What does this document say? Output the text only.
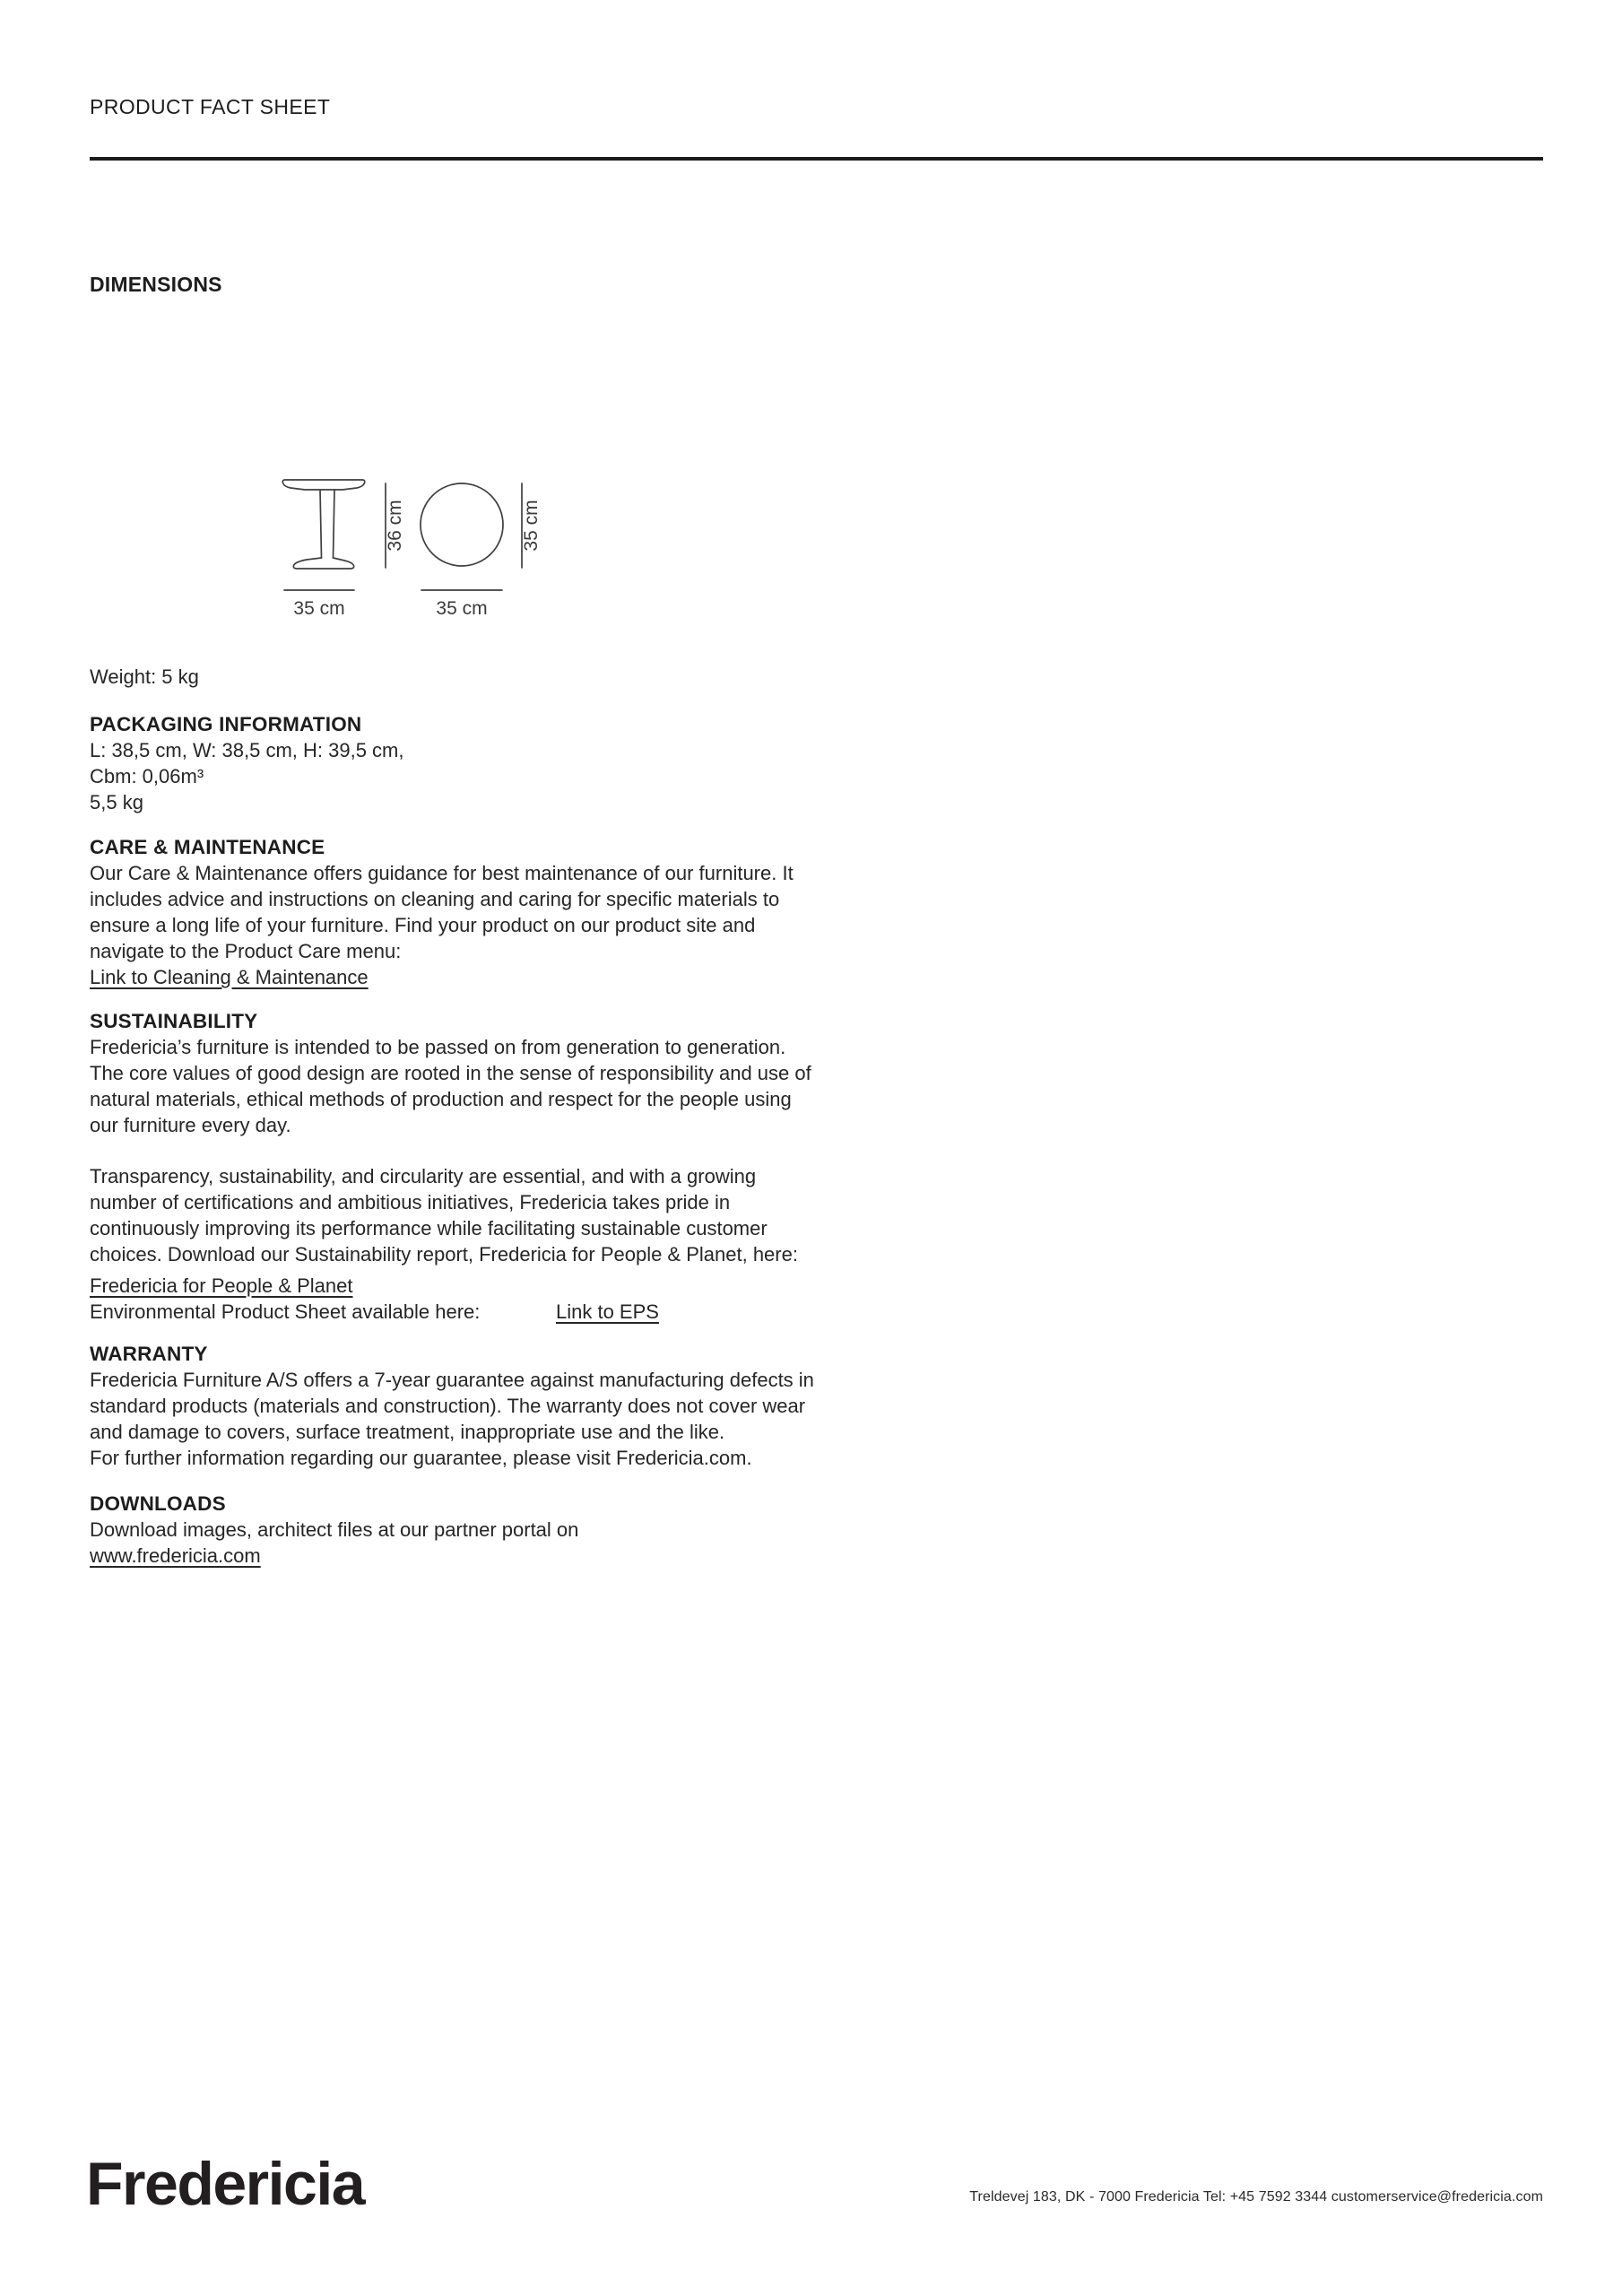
PRODUCT FACT SHEET
DIMENSIONS
36 cm	35 cm
35 cm	35 cm

Weight: 5 kg

PACKAGING INFORMATION

L: 38,5 cm, W: 38,5 cm, H: 39,5 cm,

Cbm: 0,06m³

5,5 kg

CARE & MAINTENANCE

Our Care & Maintenance offers guidance for best maintenance of our furniture. It includes advice and instructions on cleaning and caring for specific materials to ensure a long life of your furniture. Find your product on our product site and navigate to the Product Care menu:

Link to Cleaning & Maintenance

SUSTAINABILITY

Fredericia’s furniture is intended to be passed on from generation to generation. The core values of good design are rooted in the sense of responsibility and use of natural materials, ethical methods of production and respect for the people using our furniture every day.

Transparency, sustainability, and circularity are essential, and with a growing number of certifications and ambitious initiatives, Fredericia takes pride in continuously improving its performance while facilitating sustainable customer choices. Download our Sustainability report, Fredericia for People & Planet, here:

Fredericia for People & Planet

Environmental Product Sheet available here:	Link to EPS

WARRANTY

Fredericia Furniture A/S offers a 7-year guarantee against manufacturing defects in standard products (materials and construction). The warranty does not cover wear and damage to covers, surface treatment, inappropriate use and the like.

For further information regarding our guarantee, please visit Fredericia.com.

DOWNLOADS

Download images, architect files at our partner portal on

www.fredericia.com

Fredericia	Treldevej 183, DK - 7000 Fredericia Tel: +45 7592 3344 customerservice@fredericia.com
